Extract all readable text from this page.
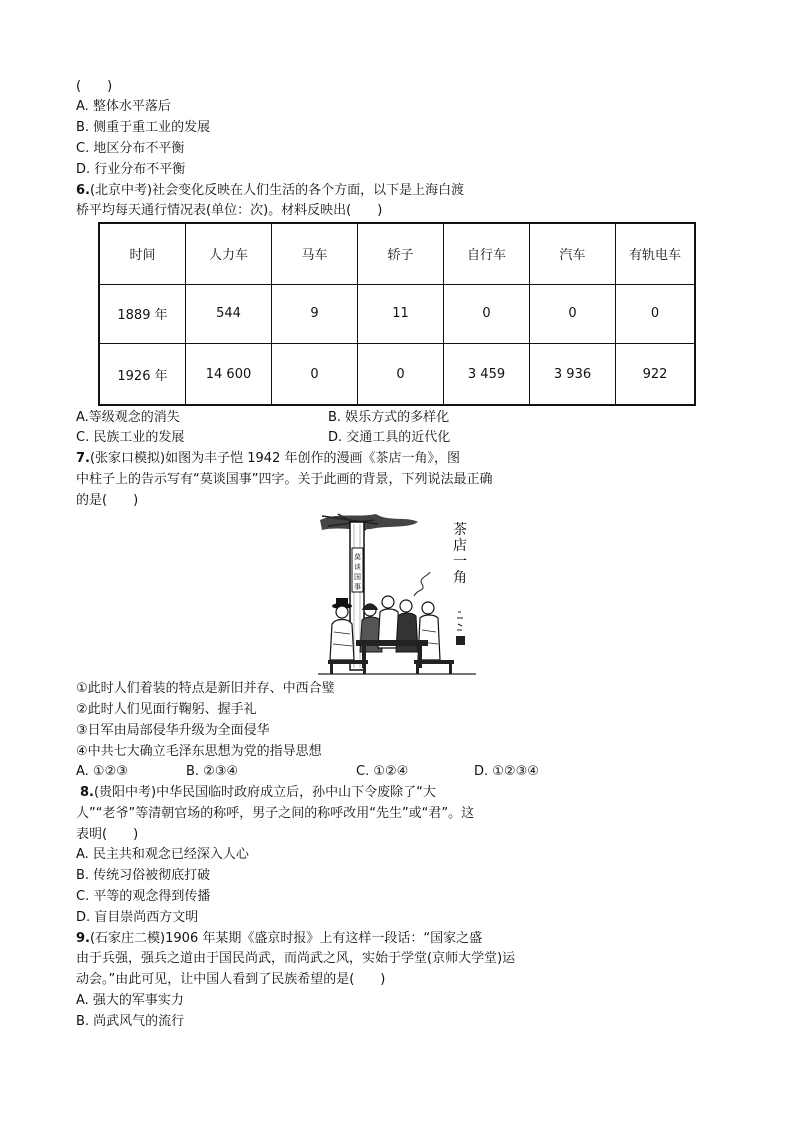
(　　)
A. 整体水平落后
B. 侧重于重工业的发展
C. 地区分布不平衡
D. 行业分布不平衡
6.(北京中考)社会变化反映在人们生活的各个方面，以下是上海白渡
桥平均每天通行情况表(单位：次)。材料反映出(　　)
时间	人力车	马车	轿子	自行车	汽车	有轨电车
1889 年	544	9	11	0	0	0
1926 年	14 600	0	0	3 459	3 936	922
A.等级观念的消失	B. 娱乐方式的多样化
C. 民族工业的发展	D. 交通工具的近代化
7.(张家口模拟)如图为丰子恺 1942 年创作的漫画《茶店一角》，图
中柱子上的告示写有“莫谈国事”四字。关于此画的背景，下列说法最正确
的是(　　)
莫
谈
国
事
茶
店
一
角
①此时人们着装的特点是新旧并存、中西合璧
②此时人们见面行鞠躬、握手礼
③日军由局部侵华升级为全面侵华
④中共七大确立毛泽东思想为党的指导思想
A. ①②③	B. ②③④	C. ①②④	D. ①②③④
8.(贵阳中考)中华民国临时政府成立后，孙中山下令废除了“大
人”“老爷”等清朝官场的称呼，男子之间的称呼改用“先生”或“君”。这
表明(　　)
A. 民主共和观念已经深入人心
B. 传统习俗被彻底打破
C. 平等的观念得到传播
D. 盲目崇尚西方文明
9.(石家庄二模)1906 年某期《盛京时报》上有这样一段话：“国家之盛
由于兵强，强兵之道由于国民尚武，而尚武之风，实始于学堂(京师大学堂)运
动会。”由此可见，让中国人看到了民族希望的是(　　)
A. 强大的军事实力
B. 尚武风气的流行
